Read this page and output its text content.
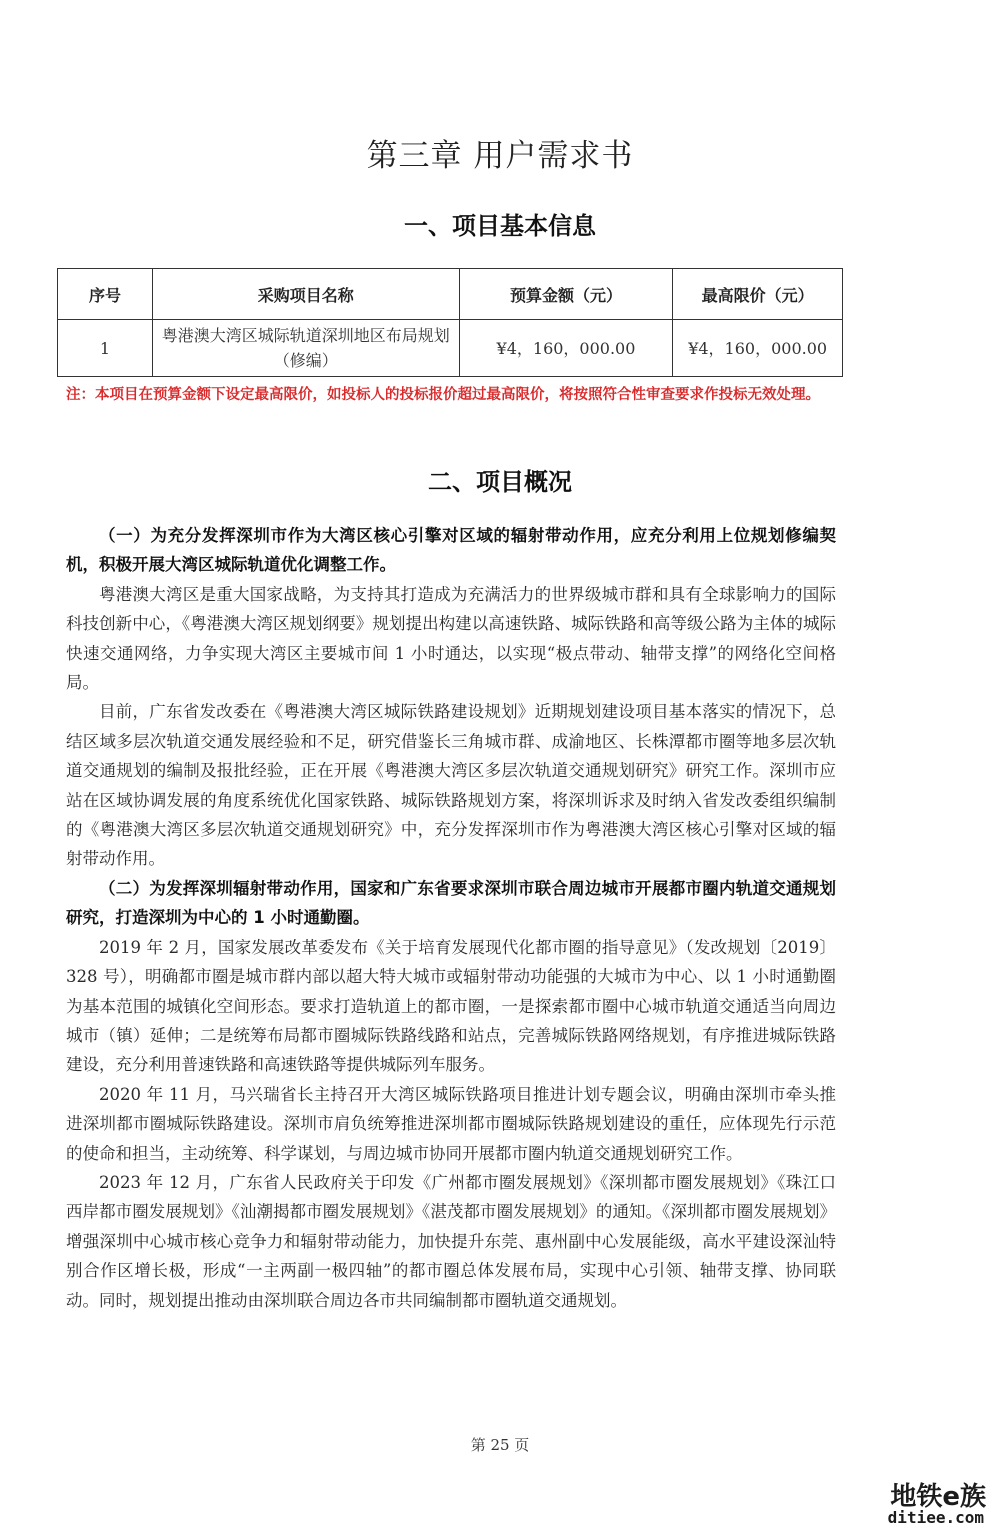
第三章 用户需求书
一、项目基本信息
序号	采购项目名称	预算金额（元）	最高限价（元）
1	粤港澳大湾区城际轨道深圳地区布局规划（修编）	¥4，160，000.00	¥4，160，000.00
注：本项目在预算金额下设定最高限价，如投标人的投标报价超过最高限价，将按照符合性审查要求作投标无效处理。
二、项目概况

（一）为充分发挥深圳市作为大湾区核心引擎对区域的辐射带动作用，应充分利用上位规划修编契机，积极开展大湾区城际轨道优化调整工作。

粤港澳大湾区是重大国家战略，为支持其打造成为充满活力的世界级城市群和具有全球影响力的国际科技创新中心，《粤港澳大湾区规划纲要》规划提出构建以高速铁路、城际铁路和高等级公路为主体的城际快速交通网络，力争实现大湾区主要城市间 1 小时通达，以实现“极点带动、轴带支撑”的网络化空间格局。

目前，广东省发改委在《粤港澳大湾区城际铁路建设规划》近期规划建设项目基本落实的情况下，总结区域多层次轨道交通发展经验和不足，研究借鉴长三角城市群、成渝地区、长株潭都市圈等地多层次轨道交通规划的编制及报批经验，正在开展《粤港澳大湾区多层次轨道交通规划研究》研究工作。深圳市应站在区域协调发展的角度系统优化国家铁路、城际铁路规划方案，将深圳诉求及时纳入省发改委组织编制的《粤港澳大湾区多层次轨道交通规划研究》中，充分发挥深圳市作为粤港澳大湾区核心引擎对区域的辐射带动作用。

（二）为发挥深圳辐射带动作用，国家和广东省要求深圳市联合周边城市开展都市圈内轨道交通规划研究，打造深圳为中心的 1 小时通勤圈。

2019 年 2 月，国家发展改革委发布《关于培育发展现代化都市圈的指导意见》（发改规划〔2019〕328 号），明确都市圈是城市群内部以超大特大城市或辐射带动功能强的大城市为中心、以 1 小时通勤圈为基本范围的城镇化空间形态。要求打造轨道上的都市圈，一是探索都市圈中心城市轨道交通适当向周边城市（镇）延伸；二是统筹布局都市圈城际铁路线路和站点，完善城际铁路网络规划，有序推进城际铁路建设，充分利用普速铁路和高速铁路等提供城际列车服务。

2020 年 11 月，马兴瑞省长主持召开大湾区城际铁路项目推进计划专题会议，明确由深圳市牵头推进深圳都市圈城际铁路建设。深圳市肩负统筹推进深圳都市圈城际铁路规划建设的重任，应体现先行示范的使命和担当，主动统筹、科学谋划，与周边城市协同开展都市圈内轨道交通规划研究工作。

2023 年 12 月，广东省人民政府关于印发《广州都市圈发展规划》《深圳都市圈发展规划》《珠江口西岸都市圈发展规划》《汕潮揭都市圈发展规划》《湛茂都市圈发展规划》的通知。《深圳都市圈发展规划》增强深圳中心城市核心竞争力和辐射带动能力，加快提升东莞、惠州副中心发展能级，高水平建设深汕特别合作区增长极，形成“一主两副一极四轴”的都市圈总体发展布局，实现中心引领、轴带支撑、协同联动。同时，规划提出推动由深圳联合周边各市共同编制都市圈轨道交通规划。

第 25 页
地铁e族
ditiee.com
